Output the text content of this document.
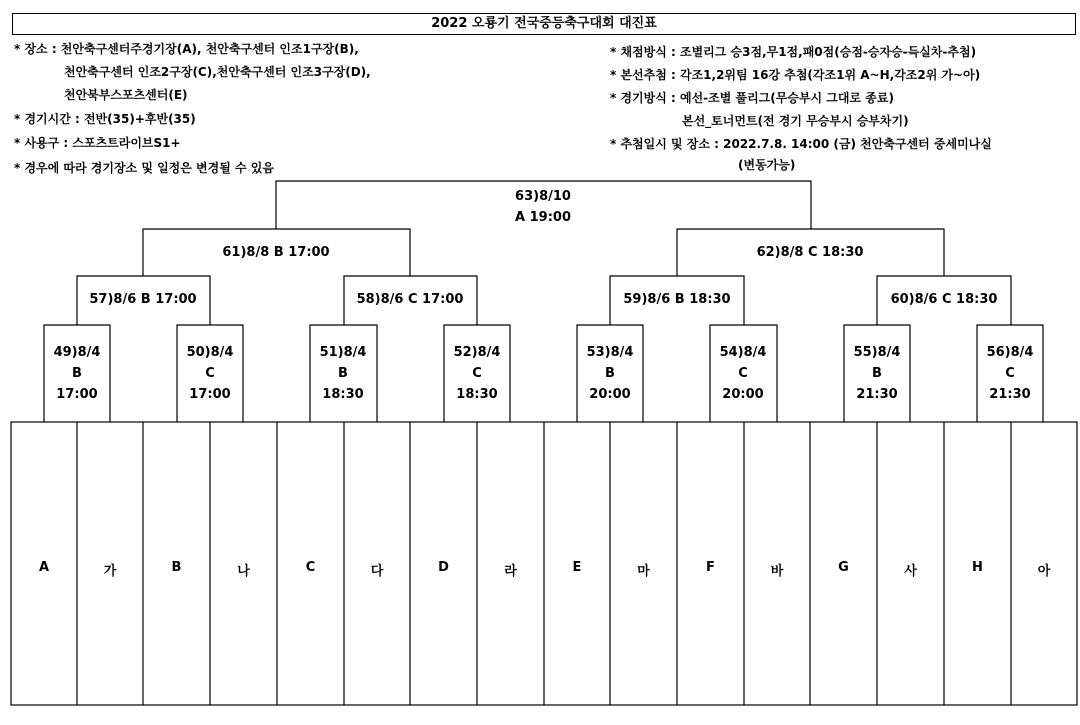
2022 오룡기 전국중등축구대회 대진표
* 장소 : 천안축구센터주경기장(A), 천안축구센터 인조1구장(B),
천안축구센터 인조2구장(C),천안축구센터 인조3구장(D),
천안북부스포츠센터(E)
* 경기시간 : 전반(35)+후반(35)
* 사용구 : 스포츠트라이브S1+
* 경우에 따라 경기장소 및 일정은 변경될 수 있음
* 채점방식 : 조별리그 승3점,무1점,패0점(승점-승자승-득실차-추첨)
* 본선추첨 : 각조1,2위팀 16강 추첨(각조1위 A~H,각조2위 가~아)
* 경기방식 : 예선-조별 풀리그(무승부시 그대로 종료)
본선_토너먼트(전 경기 무승부시 승부차기)
* 추첨일시 및 장소 : 2022.7.8. 14:00 (금) 천안축구센터 중세미나실
(변동가능)
63)8/10
A 19:00
61)8/8 B 17:00	62)8/8 C 18:30
57)8/6 B 17:00	58)8/6 C 17:00	59)8/6 B 18:30	60)8/6 C 18:30
49)8/4
B
17:00
50)8/4
C
17:00
51)8/4
B
18:30
52)8/4
C
18:30
53)8/4
B
20:00
54)8/4
C
20:00
55)8/4
B
21:30
56)8/4
C
21:30
A	가	B	나	C	다	D	라	E	마	F	바	G	사	H	아
